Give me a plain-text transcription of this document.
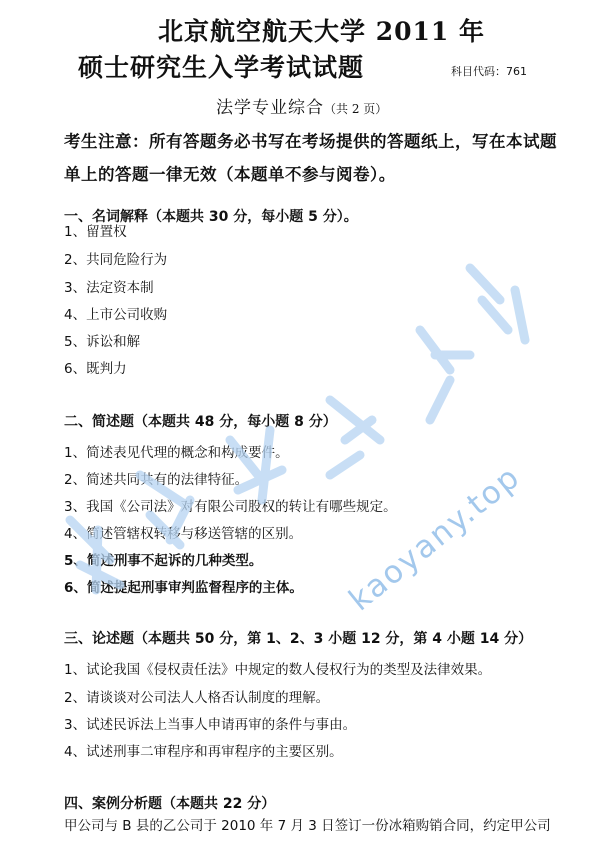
北京航空航天大学 2011 年
硕士研究生入学考试试题	科目代码：761
法学专业综合（共 2 页）
考生注意：所有答题务必书写在考场提供的答题纸上，写在本试题单上的答题一律无效（本题单不参与阅卷）。
一、名词解释（本题共 30 分，每小题 5 分）。
1、留置权
2、共同危险行为
3、法定资本制
4、上市公司收购
5、诉讼和解
6、既判力
二、简述题（本题共 48 分，每小题 8 分）
1、简述表见代理的概念和构成要件。
2、简述共同共有的法律特征。
3、我国《公司法》对有限公司股权的转让有哪些规定。
4、简述管辖权转移与移送管辖的区别。
5、简述刑事不起诉的几种类型。
6、简述提起刑事审判监督程序的主体。
三、论述题（本题共 50 分，第 1、2、3 小题 12 分，第 4 小题 14 分）
1、试论我国《侵权责任法》中规定的数人侵权行为的类型及法律效果。
2、请谈谈对公司法人人格否认制度的理解。
3、试述民诉法上当事人申请再审的条件与事由。
4、试述刑事二审程序和再审程序的主要区别。
四、案例分析题（本题共 22 分）
甲公司与 B 县的乙公司于 2010 年 7 月 3 日签订一份冰箱购销合同，约定甲公司
kaoyany.top
